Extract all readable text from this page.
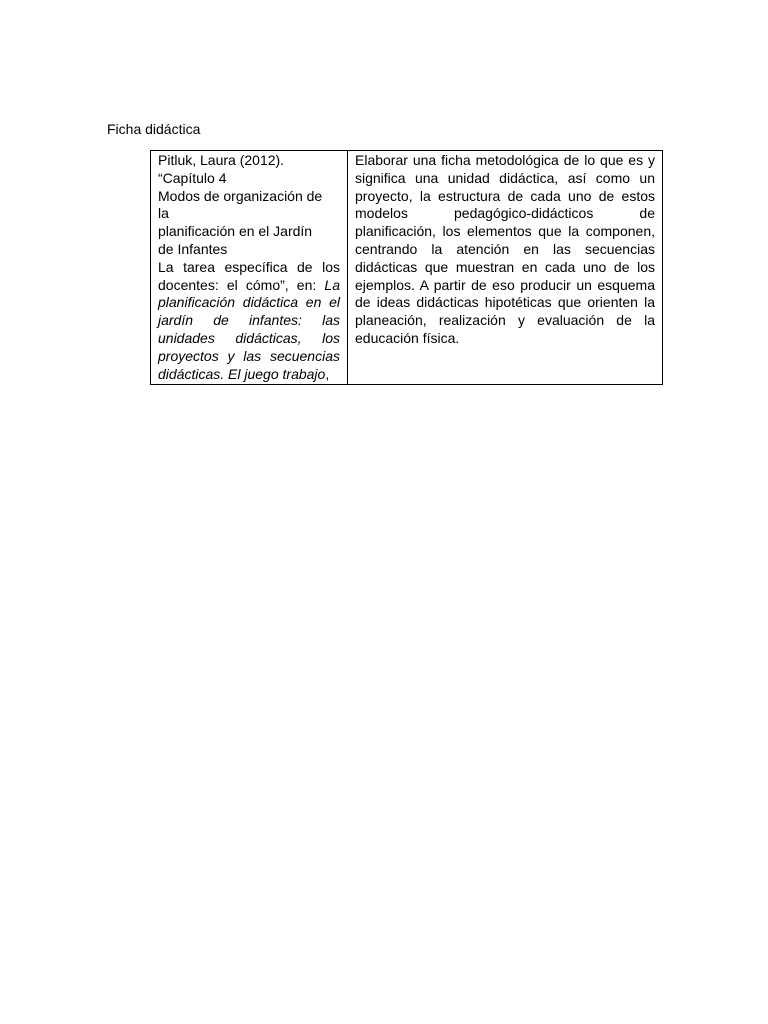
Ficha didáctica
Pitluk, Laura (2012).
“Capítulo 4
Modos de organización de
la
planificación en el Jardín
de Infantes
La tarea específica de los docentes: el cómo”, en: La planificación didáctica en el jardín de infantes: las unidades didácticas, los proyectos y las secuencias didácticas. El juego trabajo,
	Elaborar una ficha metodológica de lo que es y significa una unidad didáctica, así como un proyecto, la estructura de cada uno de estos modelos pedagógico-didácticos de planificación, los elementos que la componen, centrando la atención en las secuencias didácticas que muestran en cada uno de los ejemplos. A partir de eso producir un esquema de ideas didácticas hipotéticas que orienten la planeación, realización y evaluación de la educación física.
